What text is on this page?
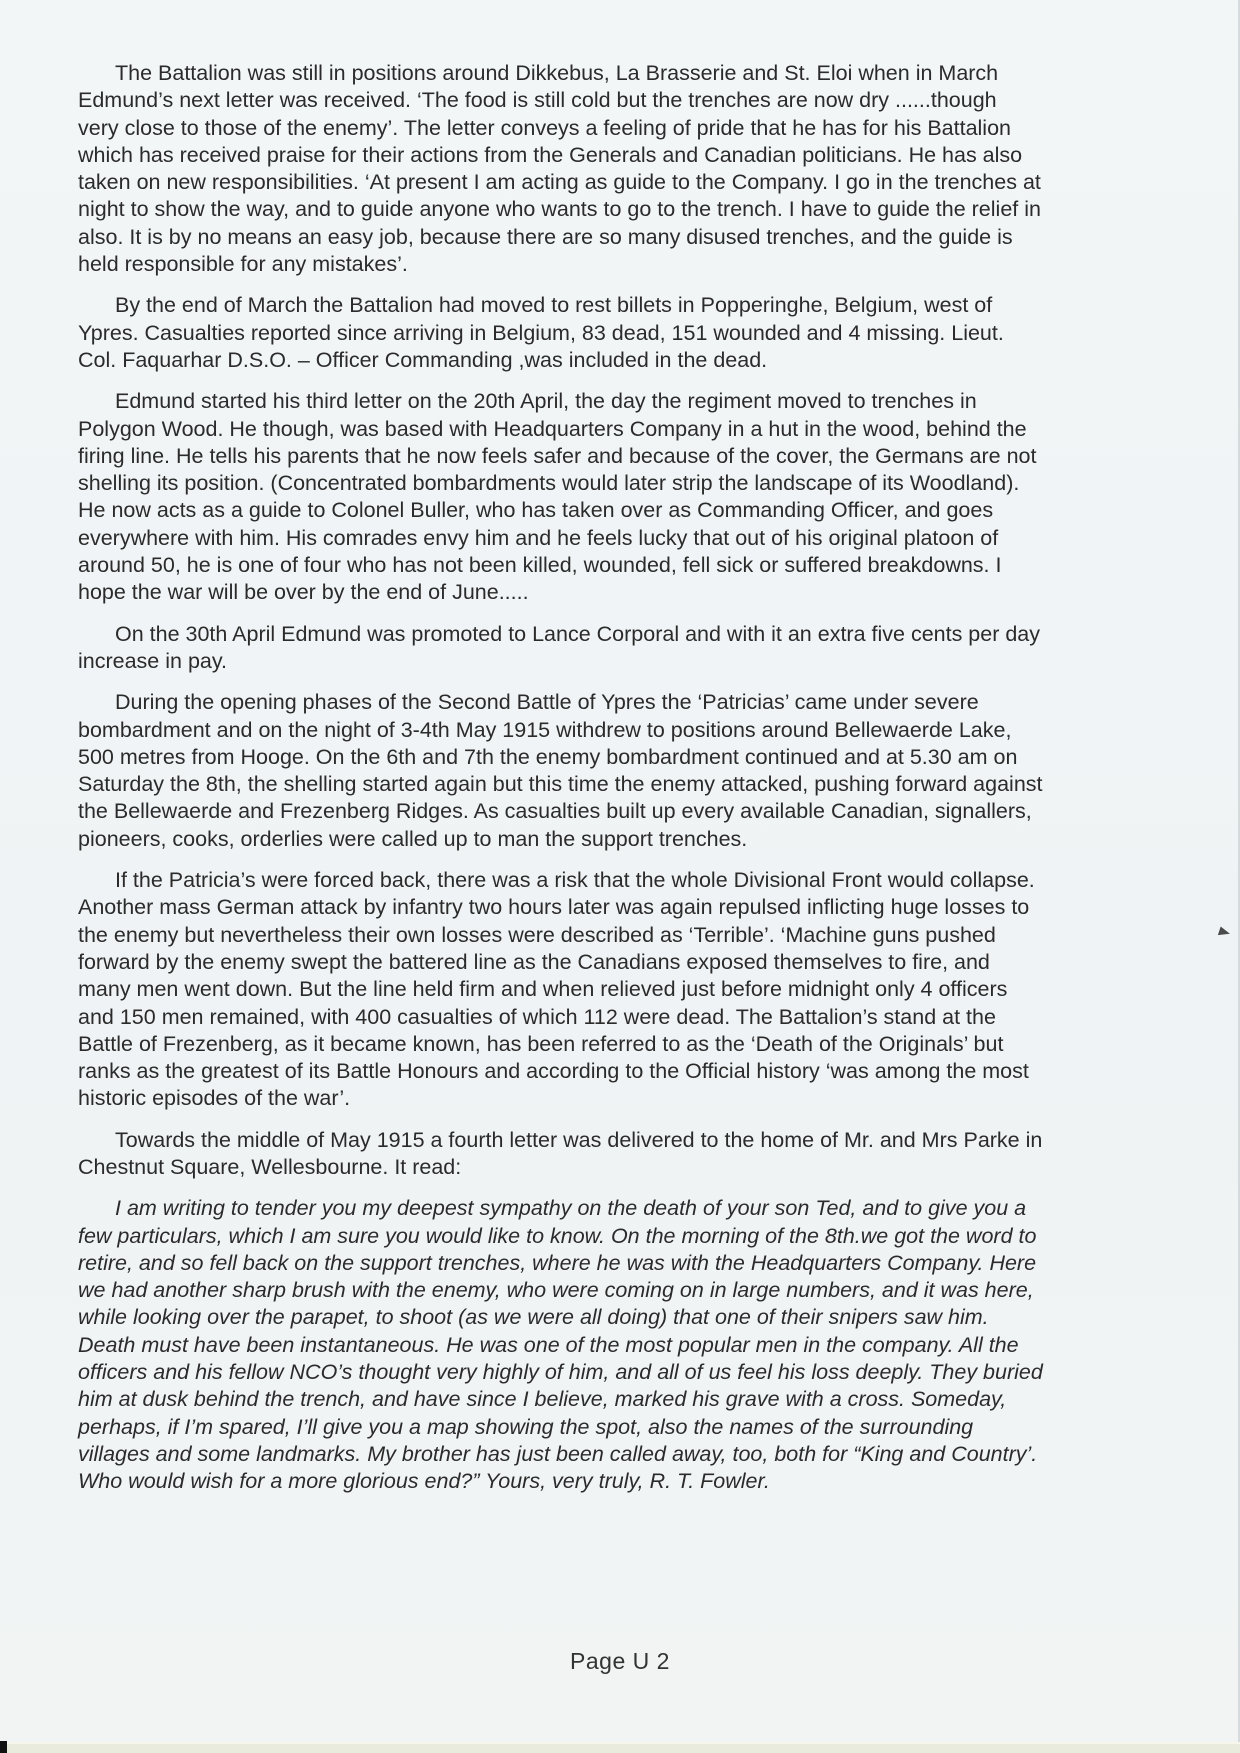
The Battalion was still in positions around Dikkebus, La Brasserie and St. Eloi when in March Edmund’s next letter was received. ‘The food is still cold but the trenches are now dry ......though very close to those of the enemy’. The letter conveys a feeling of pride that he has for his Battalion which has received praise for their actions from the Generals and Canadian politicians. He has also taken on new responsibilities. ‘At present I am acting as guide to the Company. I go in the trenches at night to show the way, and to guide anyone who wants to go to the trench. I have to guide the relief in also. It is by no means an easy job, because there are so many disused trenches, and the guide is held responsible for any mistakes’.

By the end of March the Battalion had moved to rest billets in Popperinghe, Belgium, west of Ypres. Casualties reported since arriving in Belgium, 83 dead, 151 wounded and 4 missing. Lieut. Col. Faquarhar D.S.O. – Officer Commanding ,was included in the dead.

Edmund started his third letter on the 20th April, the day the regiment moved to trenches in Polygon Wood. He though, was based with Headquarters Company in a hut in the wood, behind the firing line. He tells his parents that he now feels safer and because of the cover, the Germans are not shelling its position. (Concentrated bombardments would later strip the landscape of its Woodland). He now acts as a guide to Colonel Buller, who has taken over as Commanding Officer, and goes everywhere with him. His comrades envy him and he feels lucky that out of his original platoon of around 50, he is one of four who has not been killed, wounded, fell sick or suffered breakdowns. I hope the war will be over by the end of June.....

On the 30th April Edmund was promoted to Lance Corporal and with it an extra five cents per day increase in pay.

During the opening phases of the Second Battle of Ypres the ‘Patricias’ came under severe bombardment and on the night of 3-4th May 1915 withdrew to positions around Bellewaerde Lake, 500 metres from Hooge. On the 6th and 7th the enemy bombardment continued and at 5.30 am on Saturday the 8th, the shelling started again but this time the enemy attacked, pushing forward against the Bellewaerde and Frezenberg Ridges. As casualties built up every available Canadian, signallers, pioneers, cooks, orderlies were called up to man the support trenches.

If the Patricia’s were forced back, there was a risk that the whole Divisional Front would collapse. Another mass German attack by infantry two hours later was again repulsed inflicting huge losses to the enemy but nevertheless their own losses were described as ‘Terrible’. ‘Machine guns pushed forward by the enemy swept the battered line as the Canadians exposed themselves to fire, and many men went down. But the line held firm and when relieved just before midnight only 4 officers and 150 men remained, with 400 casualties of which 112 were dead. The Battalion’s stand at the Battle of Frezenberg, as it became known, has been referred to as the ‘Death of the Originals’ but ranks as the greatest of its Battle Honours and according to the Official history ‘was among the most historic episodes of the war’.

Towards the middle of May 1915 a fourth letter was delivered to the home of Mr. and Mrs Parke in Chestnut Square, Wellesbourne. It read:

I am writing to tender you my deepest sympathy on the death of your son Ted, and to give you a few particulars, which I am sure you would like to know. On the morning of the 8th.we got the word to retire, and so fell back on the support trenches, where he was with the Headquarters Company. Here we had another sharp brush with the enemy, who were coming on in large numbers, and it was here, while looking over the parapet, to shoot (as we were all doing) that one of their snipers saw him. Death must have been instantaneous. He was one of the most popular men in the company. All the officers and his fellow NCO’s thought very highly of him, and all of us feel his loss deeply. They buried him at dusk behind the trench, and have since I believe, marked his grave with a cross. Someday, perhaps, if I’m spared, I’ll give you a map showing the spot, also the names of the surrounding villages and some landmarks. My brother has just been called away, too, both for “King and Country’. Who would wish for a more glorious end?” Yours, very truly, R. T. Fowler.

Page U 2
